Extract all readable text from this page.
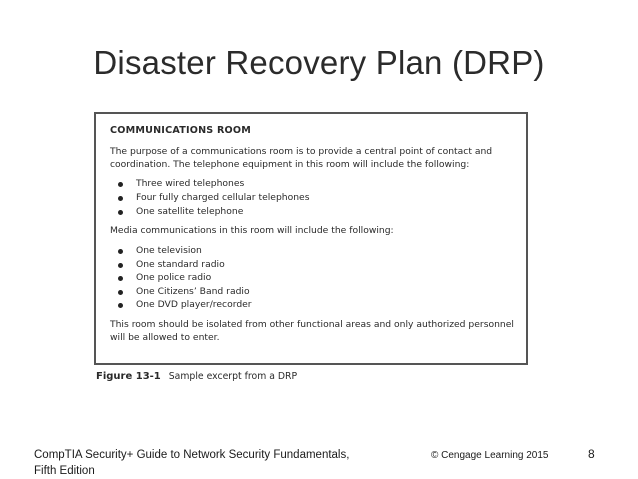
Disaster Recovery Plan (DRP)
COMMUNICATIONS ROOM
The purpose of a communications room is to provide a central point of contact and coordination. The telephone equipment in this room will include the following:
Three wired telephones
Four fully charged cellular telephones
One satellite telephone
Media communications in this room will include the following:
One television
One standard radio
One police radio
One Citizens’ Band radio
One DVD player/recorder
This room should be isolated from other functional areas and only authorized personnel will be allowed to enter.
Figure 13-1 Sample excerpt from a DRP
CompTIA Security+ Guide to Network Security Fundamentals,
Fifth Edition
© Cengage Learning 2015	8
